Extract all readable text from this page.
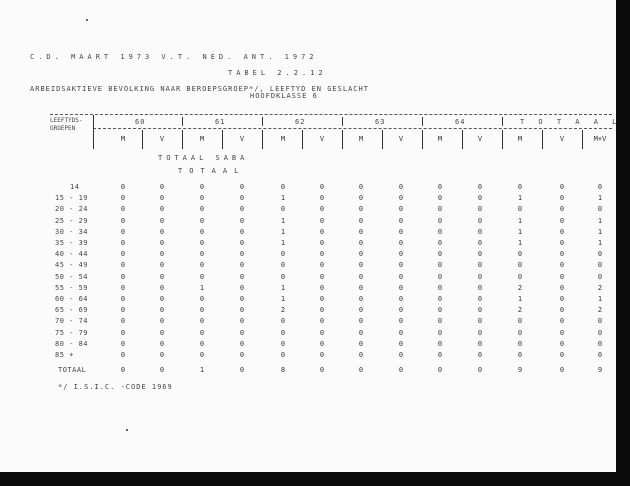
C.D. MAART 1973 V.T. NED. ANT. 1972
TABEL 2.2.12
ARBEIDSAKTIEVE BEVOLKING NAAR BEROEPSGROEP*/, LEEFTYD EN GESLACHT
HOOFDKLASSE 6
LEEFTYDS-
GROEPEN
60	61	62	63	64	T O T A A L
M	V	M	V	M	V	M	V	M	V	M	V	M+V
TOTAAL SABA
TOTAAL
14	0	0	0	0	0	0	0	0	0	0	0	0	0
15 - 19	0	0	0	0	1	0	0	0	0	0	1	0	1
20 - 24	0	0	0	0	0	0	0	0	0	0	0	0	0
25 - 29	0	0	0	0	1	0	0	0	0	0	1	0	1
30 - 34	0	0	0	0	1	0	0	0	0	0	1	0	1
35 - 39	0	0	0	0	1	0	0	0	0	0	1	0	1
40 - 44	0	0	0	0	0	0	0	0	0	0	0	0	0
45 - 49	0	0	0	0	0	0	0	0	0	0	0	0	0
50 - 54	0	0	0	0	0	0	0	0	0	0	0	0	0
55 - 59	0	0	1	0	1	0	0	0	0	0	2	0	2
60 - 64	0	0	0	0	1	0	0	0	0	0	1	0	1
65 - 69	0	0	0	0	2	0	0	0	0	0	2	0	2
70 - 74	0	0	0	0	0	0	0	0	0	0	0	0	0
75 - 79	0	0	0	0	0	0	0	0	0	0	0	0	0
80 - 84	0	0	0	0	0	0	0	0	0	0	0	0	0
85 +	0	0	0	0	0	0	0	0	0	0	0	0	0
TOTAAL	0	0	1	0	8	0	0	0	0	0	9	0	9
*/ I.S.I.C. -CODE 1969
